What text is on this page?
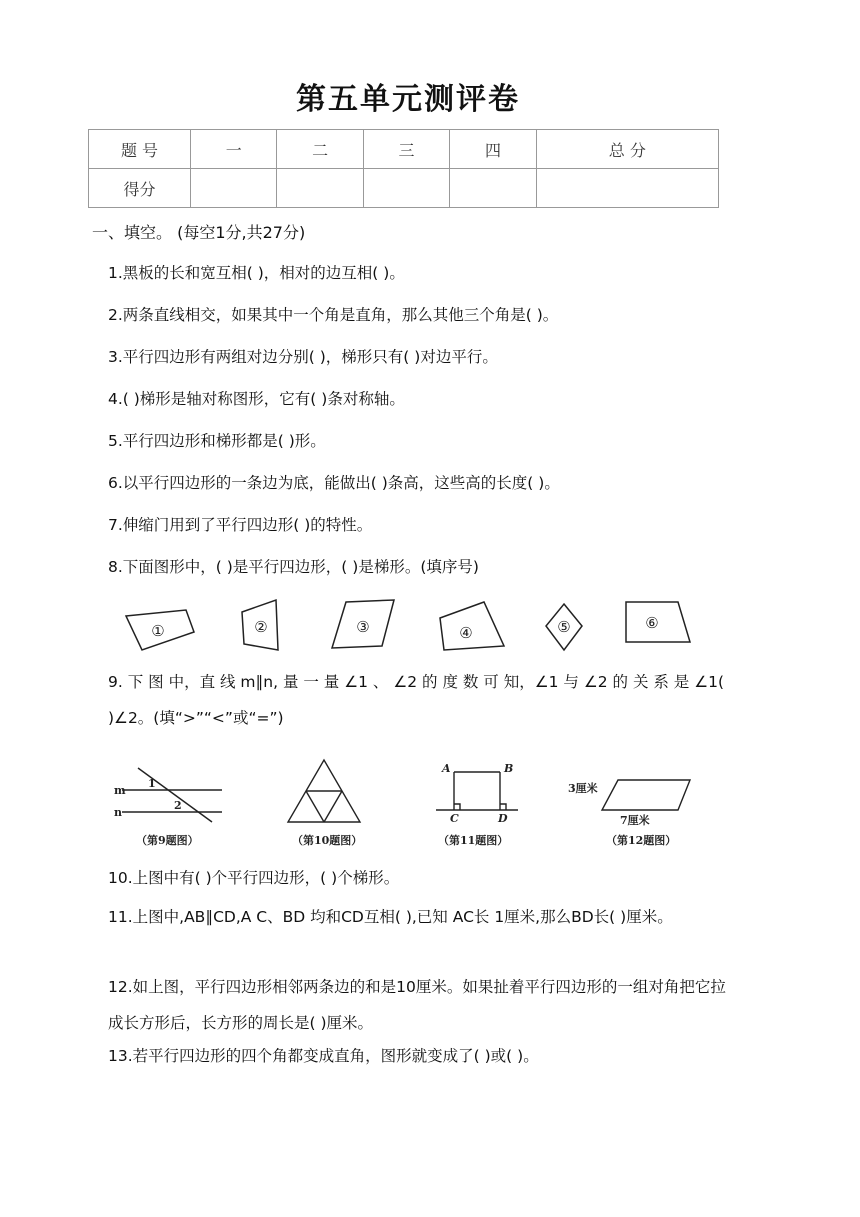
第五单元测评卷
题 号	一	二	三	四	总 分
得分					
一、填空。 (每空1分,共27分)
1.黑板的长和宽互相( )，相对的边互相( )。
2.两条直线相交，如果其中一个角是直角，那么其他三个角是( )。
3.平行四边形有两组对边分别( )，梯形只有( )对边平行。
4.( )梯形是轴对称图形，它有( )条对称轴。
5.平行四边形和梯形都是( )形。
6.以平行四边形的一条边为底，能做出( )条高，这些高的长度( )。
7.伸缩门用到了平行四边形( )的特性。
8.下面图形中，( )是平行四边形，( )是梯形。(填序号)
①	②	③	④	⑤	⑥
9. 下 图 中，直 线 m∥n, 量 一 量 ∠1 、 ∠2 的 度 数 可 知，∠1 与 ∠2 的 关 系 是 ∠1( )∠2。(填“>”“<”或“=”)
m
n
1
2
（第9题图）	（第10题图）
A	B
C	D
（第11题图）
3厘米
7厘米
（第12题图）
10.上图中有( )个平行四边形，( )个梯形。
11.上图中,AB∥CD,A C、BD 均和CD互相( ),已知 AC长 1厘米,那么BD长( )厘米。
12.如上图，平行四边形相邻两条边的和是10厘米。如果扯着平行四边形的一组对角把它拉成长方形后，长方形的周长是( )厘米。
13.若平行四边形的四个角都变成直角，图形就变成了( )或( )。
